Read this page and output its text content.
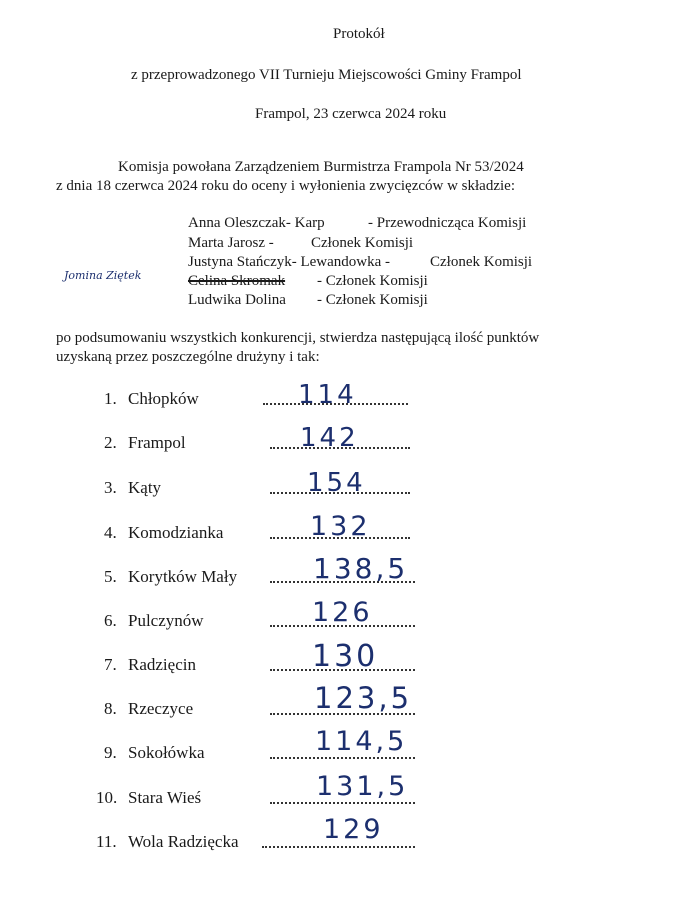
Protokół
z przeprowadzonego VII Turnieju Miejscowości Gminy Frampol
Frampol, 23 czerwca 2024 roku
Komisja powołana Zarządzeniem Burmistrza Frampola Nr 53/2024
z dnia 18 czerwca 2024 roku do oceny i wyłonienia zwycięzców w składzie:
Anna Oleszczak- Karp	- Przewodnicząca Komisji
Marta Jarosz - Członek Komisji
Justyna Stańczyk- Lewandowka -	Członek Komisji
Jomina Ziętek	Celina Skromak - Członek Komisji
Ludwika Dolina - Członek Komisji
po podsumowaniu wszystkich konkurencji, stwierdza następującą ilość punktów
uzyskaną przez poszczególne drużyny i tak:
1. Chłopków	114
2. Frampol	142
3. Kąty	154
4. Komodzianka	132
5. Korytków Mały	138,5
6. Pulczynów	126
7. Radzięcin	130
8. Rzeczyce	123,5
9. Sokołówka	114,5
10. Stara Wieś	131,5
11. Wola Radzięcka	129
